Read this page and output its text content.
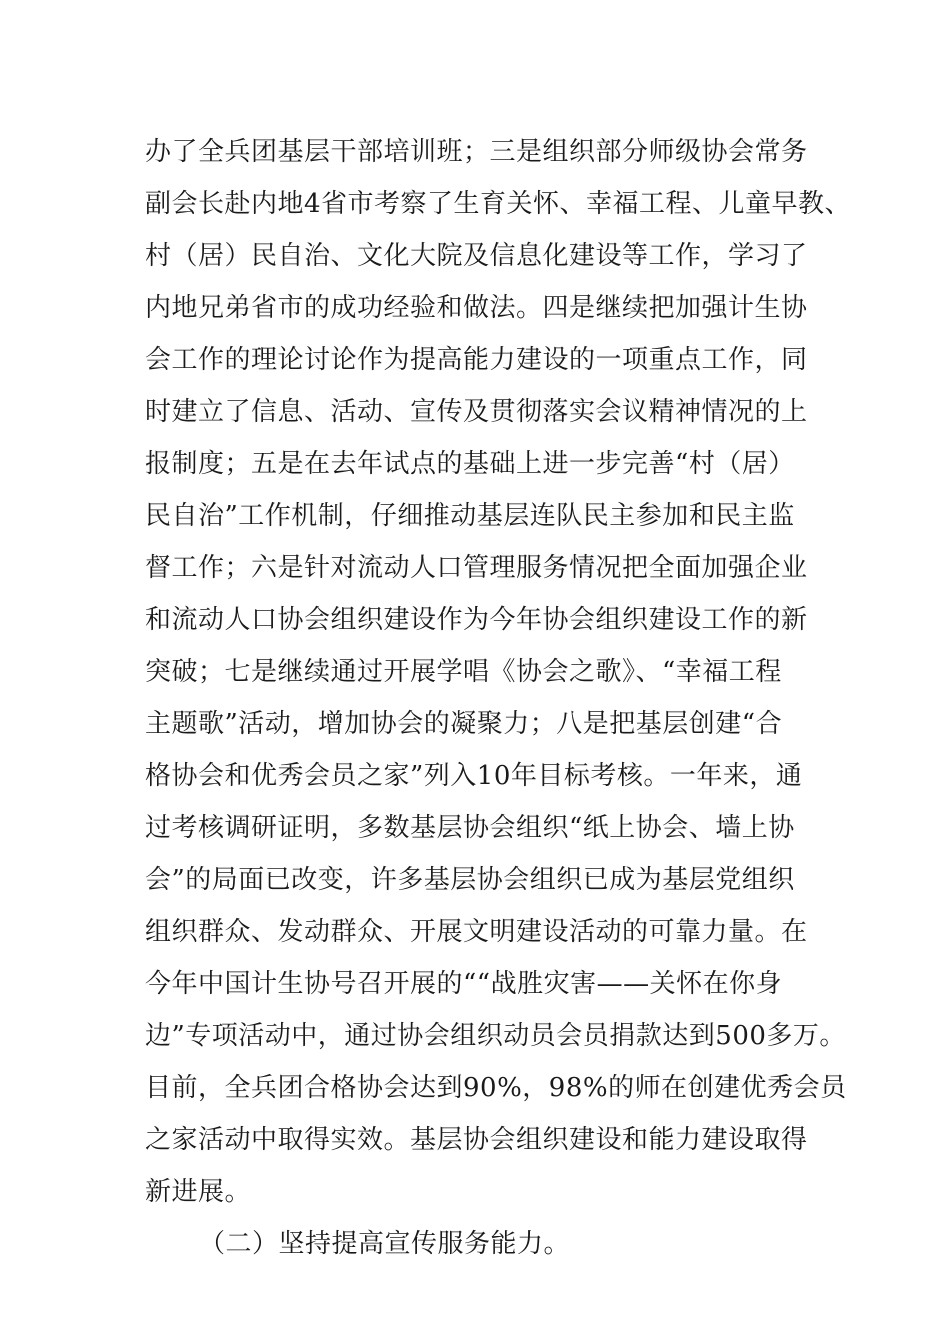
办了全兵团基层干部培训班；三是组织部分师级协会常务
副会长赴内地4省市考察了生育关怀、幸福工程、儿童早教、
村（居）民自治、文化大院及信息化建设等工作，学习了
内地兄弟省市的成功经验和做法。四是继续把加强计生协
会工作的理论讨论作为提高能力建设的一项重点工作，同
时建立了信息、活动、宣传及贯彻落实会议精神情况的上
报制度；五是在去年试点的基础上进一步完善“村（居）
民自治”工作机制，仔细推动基层连队民主参加和民主监
督工作；六是针对流动人口管理服务情况把全面加强企业
和流动人口协会组织建设作为今年协会组织建设工作的新
突破；七是继续通过开展学唱《协会之歌》、“幸福工程
主题歌”活动，增加协会的凝聚力；八是把基层创建“合
格协会和优秀会员之家”列入10年目标考核。一年来，通
过考核调研证明，多数基层协会组织“纸上协会、墙上协
会”的局面已改变，许多基层协会组织已成为基层党组织
组织群众、发动群众、开展文明建设活动的可靠力量。在
今年中国计生协号召开展的““战胜灾害——关怀在你身
边”专项活动中，通过协会组织动员会员捐款达到500多万。
目前，全兵团合格协会达到90%，98%的师在创建优秀会员
之家活动中取得实效。基层协会组织建设和能力建设取得
新进展。
（二）坚持提高宣传服务能力。
